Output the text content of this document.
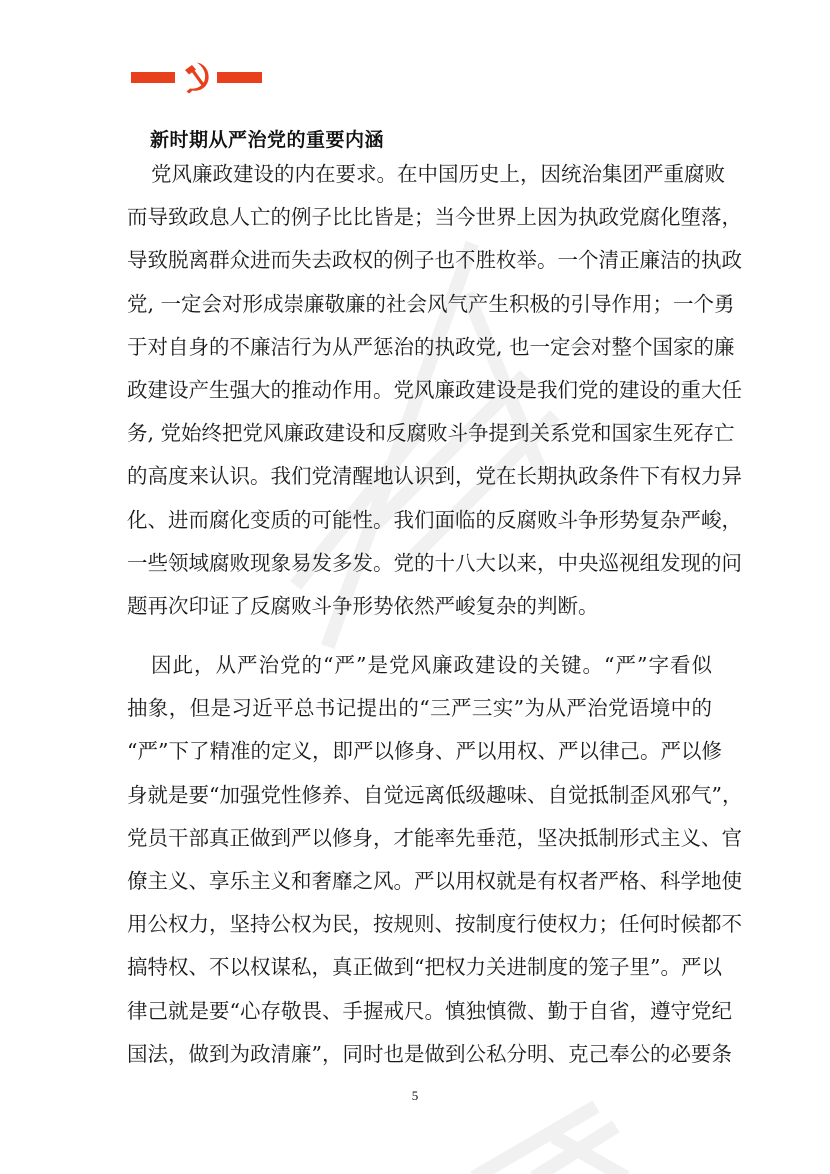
新时期从严治党的重要内涵

党风廉政建设的内在要求。在中国历史上，因统治集团严重腐败
而导致政息人亡的例子比比皆是；当今世界上因为执政党腐化堕落，
导致脱离群众进而失去政权的例子也不胜枚举。一个清正廉洁的执政
党, 一定会对形成崇廉敬廉的社会风气产生积极的引导作用；一个勇
于对自身的不廉洁行为从严惩治的执政党, 也一定会对整个国家的廉
政建设产生强大的推动作用。党风廉政建设是我们党的建设的重大任
务, 党始终把党风廉政建设和反腐败斗争提到关系党和国家生死存亡
的高度来认识。我们党清醒地认识到，党在长期执政条件下有权力异
化、进而腐化变质的可能性。我们面临的反腐败斗争形势复杂严峻，
一些领域腐败现象易发多发。党的十八大以来，中央巡视组发现的问
题再次印证了反腐败斗争形势依然严峻复杂的判断。

因此，从严治党的“严”是党风廉政建设的关键。“严”字看似
抽象，但是习近平总书记提出的“三严三实”为从严治党语境中的
“严”下了精准的定义，即严以修身、严以用权、严以律己。严以修
身就是要“加强党性修养、自觉远离低级趣味、自觉抵制歪风邪气”，
党员干部真正做到严以修身，才能率先垂范，坚决抵制形式主义、官
僚主义、享乐主义和奢靡之风。严以用权就是有权者严格、科学地使
用公权力，坚持公权为民，按规则、按制度行使权力；任何时候都不
搞特权、不以权谋私，真正做到“把权力关进制度的笼子里”。严以
律己就是要“心存敬畏、手握戒尺。慎独慎微、勤于自省，遵守党纪
国法，做到为政清廉”，同时也是做到公私分明、克己奉公的必要条

5
